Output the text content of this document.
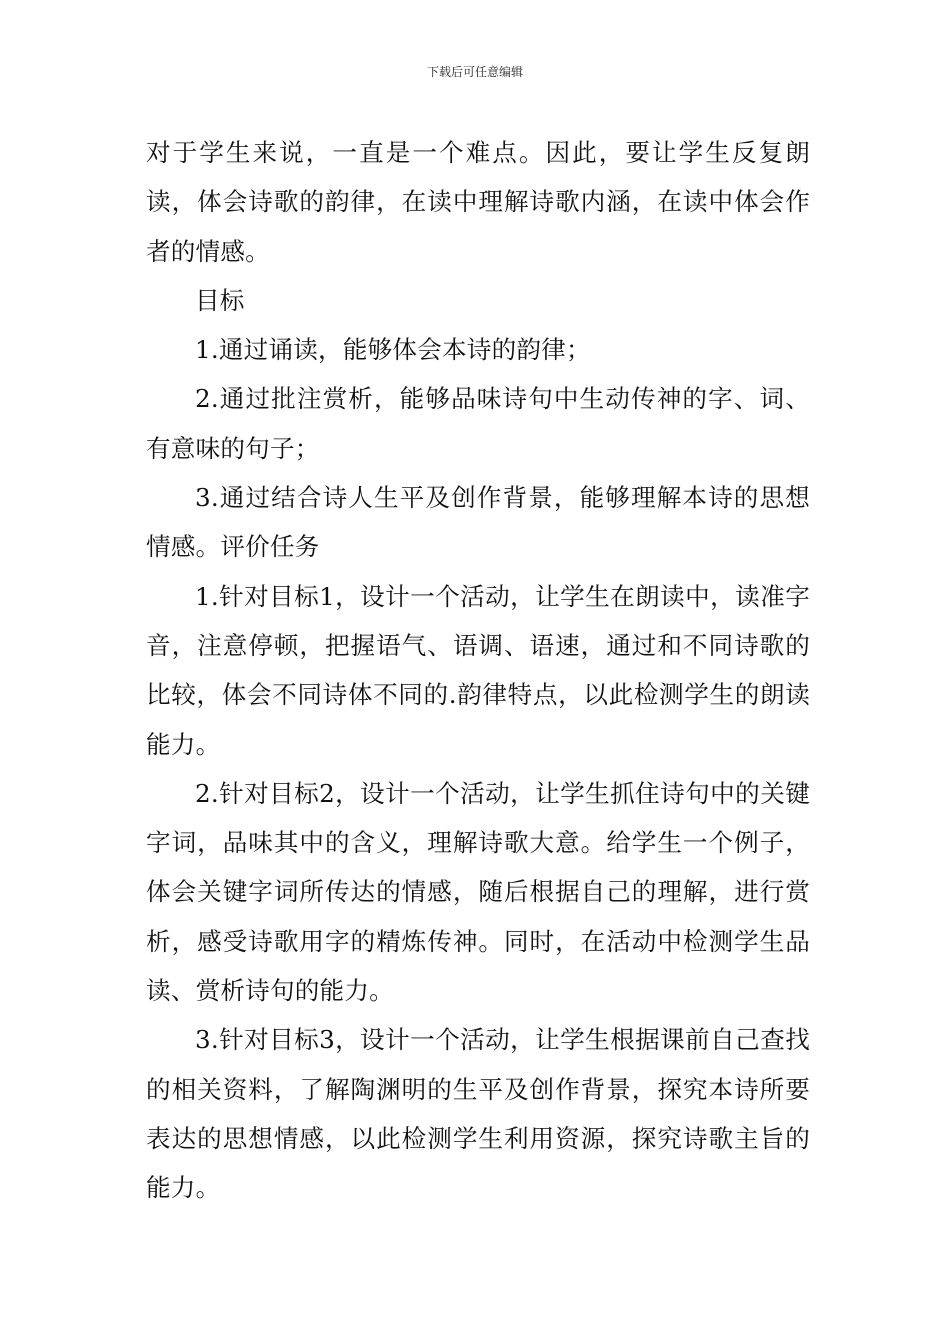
下载后可任意编辑

对于学生来说，一直是一个难点。因此，要让学生反复朗读，体会诗歌的韵律，在读中理解诗歌内涵，在读中体会作者的情感。

目标

1.通过诵读，能够体会本诗的韵律；

2.通过批注赏析，能够品味诗句中生动传神的字、词、有意味的句子；

3.通过结合诗人生平及创作背景，能够理解本诗的思想情感。评价任务

1.针对目标1，设计一个活动，让学生在朗读中，读准字音，注意停顿，把握语气、语调、语速，通过和不同诗歌的比较，体会不同诗体不同的.韵律特点，以此检测学生的朗读能力。

2.针对目标2，设计一个活动，让学生抓住诗句中的关键字词，品味其中的含义，理解诗歌大意。给学生一个例子，体会关键字词所传达的情感，随后根据自己的理解，进行赏析，感受诗歌用字的精炼传神。同时，在活动中检测学生品读、赏析诗句的能力。

3.针对目标3，设计一个活动，让学生根据课前自己查找的相关资料，了解陶渊明的生平及创作背景，探究本诗所要表达的思想情感，以此检测学生利用资源，探究诗歌主旨的能力。
